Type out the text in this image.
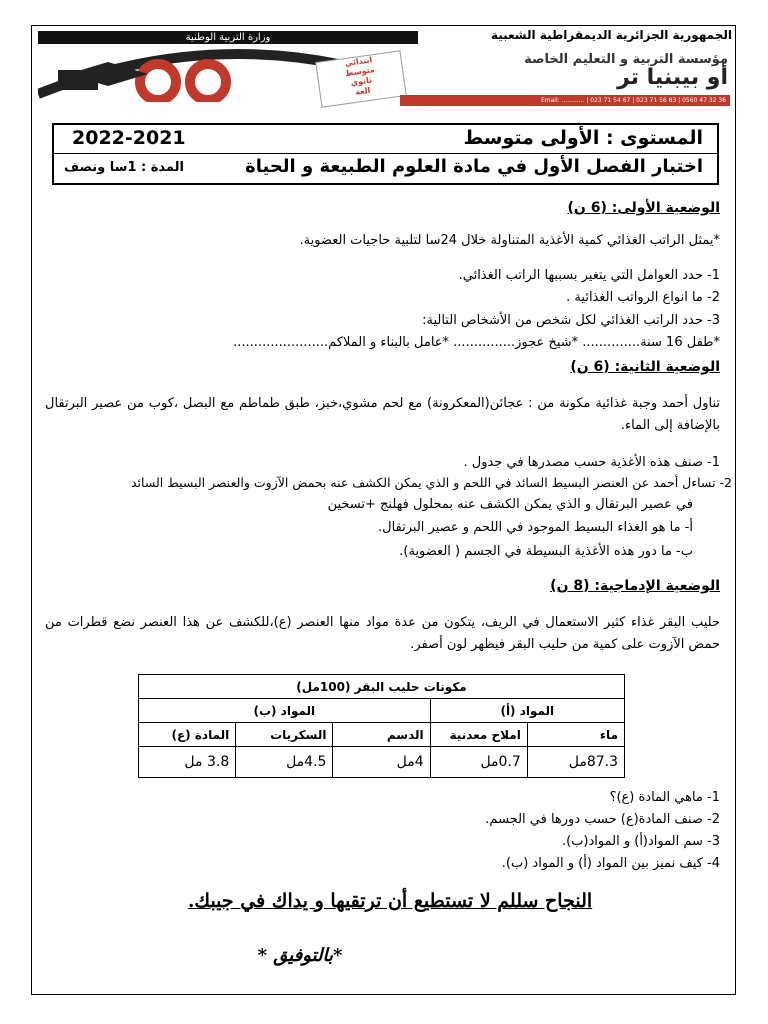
الجمهورية الجزائرية الديمقراطية الشعبية
وزارة التربية الوطنية
ابتدائي
متوسط
ثانوي
الغة
مؤسسة التربية و التعليم الخاصة
أو بيبنيا تر
Email: ............ | 023 71 54 67 | 023 71 56 83 | 0560 47 32 36
المستوى : الأولى متوسط
2022-2021
اختبار الفصل الأول في مادة العلوم الطبيعة و الحياة
المدة : 1سا ونصف
الوضعية الأولى: (6 ن)
*يمثل الراتب الغذائي كمية الأغذية المتناولة خلال 24سا لتلبية حاجيات العضوية.
1- حدد العوامل التي يتغير بسببها الراتب الغذائي.
2- ما انواع الرواتب الغذائية .
3- حدد الراتب الغذائي لكل شخص من الأشخاص التالية:
*طفل 16 سنة.............. *شيخ عجوز............... *عامل بالبناء و الملاكم.......................
الوضعية الثانية: (6 ن)
تناول أحمد وجبة غذائية مكونة من : عجائن(المعكرونة) مع لحم مشوي،خبز، طبق طماطم مع البصل ،كوب من عصير البرتقال بالإضافة إلى الماء.
1- صنف هذه الأغذية حسب مصدرها في جدول .
2- تساءل أحمد عن العنصر البسيط السائد في اللحم و الذي يمكن الكشف عنه بحمض الآزوت والعنصر البسيط السائد
في عصير البرتقال و الذي يمكن الكشف عنه بمحلول فهلنج +تسخين
أ- ما هو الغذاء البسيط الموجود في اللحم و عصير البرتقال.
ب- ما دور هذه الأغذية البسيطة في الجسم ( العضوية).
الوضعية الإدماجية: (8 ن)
حليب البقر غذاء كثير الاستعمال في الريف، يتكون من عدة مواد منها العنصر (ع)،للكشف عن هذا العنصر نضع قطرات من حمض الآزوت على كمية من حليب البقر فيظهر لون أصفر.
مكونات حليب البقر (100مل)				
المواد (أ)		المواد (ب)		
ماء	املاح معدنية	الدسم	السكريات	المادة (ع)
87.3مل	0.7مل	4مل	4.5مل	3.8 مل
1- ماهي المادة (ع)؟
2- صنف المادة(ع) حسب دورها في الجسم.
3- سم المواد(أ) و المواد(ب).
4- كيف نميز بين المواد (أ) و المواد (ب).
النجاح سللم لا تستطيع أن ترتقيها و يداك في جيبك.
*بالتوفيق *
